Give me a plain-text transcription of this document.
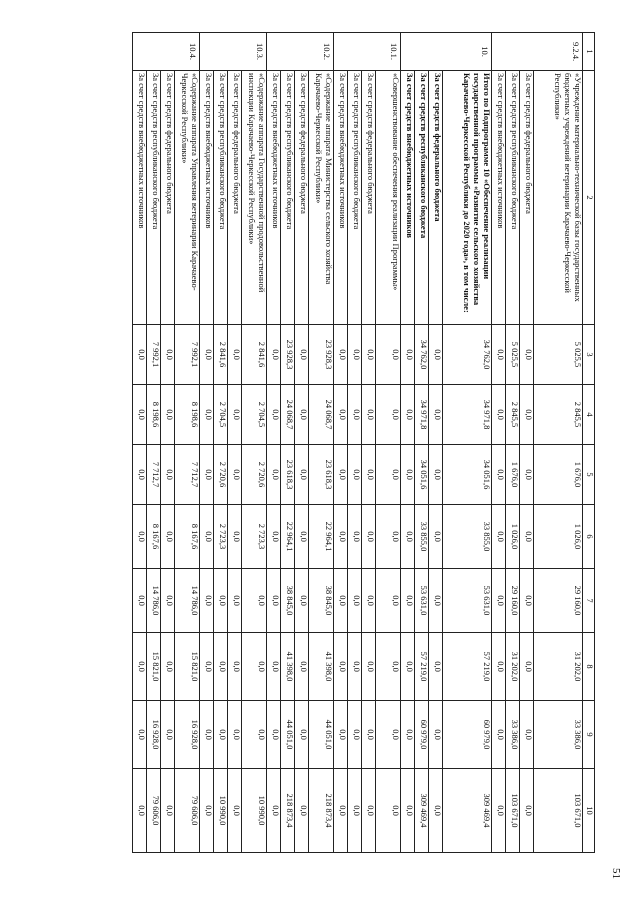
51
1	2	3	4	5	6	7	8	9	10
9.2.4.	«Учреждение материально-технической базы государственных бюджетных учреждений ветеринарии Карачаево-Черкесской Республики»	5 025,5	2 845,5	1 676,0	1 026,0	29 160,0	31 202,0	33 386,0	103 671,0
	За счет средств федерального бюджета	0,0	0,0	0,0	0,0	0,0	0,0	0,0	0,0
	За счет средств республиканского бюджета	5 025,5	2 845,5	1 676,0	1 026,0	29 160,0	31 202,0	33 386,0	103 671,0
	За счет средств внебюджетных источников	0,0	0,0	0,0	0,0	0,0	0,0	0,0	0,0
10.	Итого по Подпрограмме 10 «Обеспечение реализации государственной программы «Развитие сельского хозяйства Карачаево-Черкесской Республики до 2020 года», в том числе:	34 762,0	34 971,8	34 051,6	33 855,0	53 631,0	57 219,0	60 979,0	309 469,4
	За счет средств федерального бюджета	0,0	0,0	0,0	0,0	0,0	0,0	0,0	0,0
	За счет средств республиканского бюджета	34 762,0	34 971,8	34 051,6	33 855,0	53 631,0	57 219,0	60 979,0	309 469,4
	За счет средств внебюджетных источников	0,0	0,0	0,0	0,0	0,0	0,0	0,0	0,0
10.1.	«Совершенствование обеспечения реализации Программы»	0,0	0,0	0,0	0,0	0,0	0,0	0,0	0,0
	За счет средств федерального бюджета	0,0	0,0	0,0	0,0	0,0	0,0	0,0	0,0
	За счет средств республиканского бюджета	0,0	0,0	0,0	0,0	0,0	0,0	0,0	0,0
	За счет средств внебюджетных источников	0,0	0,0	0,0	0,0	0,0	0,0	0,0	0,0
10.2.	«Содержание аппарата Министерства сельского хозяйства Карачаево-Черкесской Республики»	23 928,3	24 068,7	23 618,3	22 964,1	38 845,0	41 398,0	44 051,0	218 873,4
	За счет средств федерального бюджета	0,0	0,0	0,0	0,0	0,0	0,0	0,0	0,0
	За счет средств республиканского бюджета	23 928,3	24 068,7	23 618,3	22 964,1	38 845,0	41 398,0	44 051,0	218 873,4
	За счет средств внебюджетных источников	0,0	0,0	0,0	0,0	0,0	0,0	0,0	0,0
10.3.	«Содержание аппарата Государственной продовольственной инспекции Карачаево-Черкесской Республики»	2 841,6	2 704,5	2 720,6	2 723,3	0,0	0,0	0,0	10 990,0
	За счет средств федерального бюджета	0,0	0,0	0,0	0,0	0,0	0,0	0,0	0,0
	За счет средств республиканского бюджета	2 841,6	2 704,5	2 720,6	2 723,3	0,0	0,0	0,0	10 990,0
	За счет средств внебюджетных источников	0,0	0,0	0,0	0,0	0,0	0,0	0,0	0,0
10.4.	«Содержание аппарата Управления ветеринарии Карачаево-Черкесской Республики»	7 992,1	8 198,6	7 712,7	8 167,6	14 786,0	15 821,0	16 928,0	79 606,0
	За счет средств федерального бюджета	0,0	0,0	0,0	0,0	0,0	0,0	0,0	0,0
	За счет средств республиканского бюджета	7 992,1	8 198,6	7 712,7	8 167,6	14 786,0	15 821,0	16 928,0	79 606,0
	За счет средств внебюджетных источников	0,0	0,0	0,0	0,0	0,0	0,0	0,0	0,0
